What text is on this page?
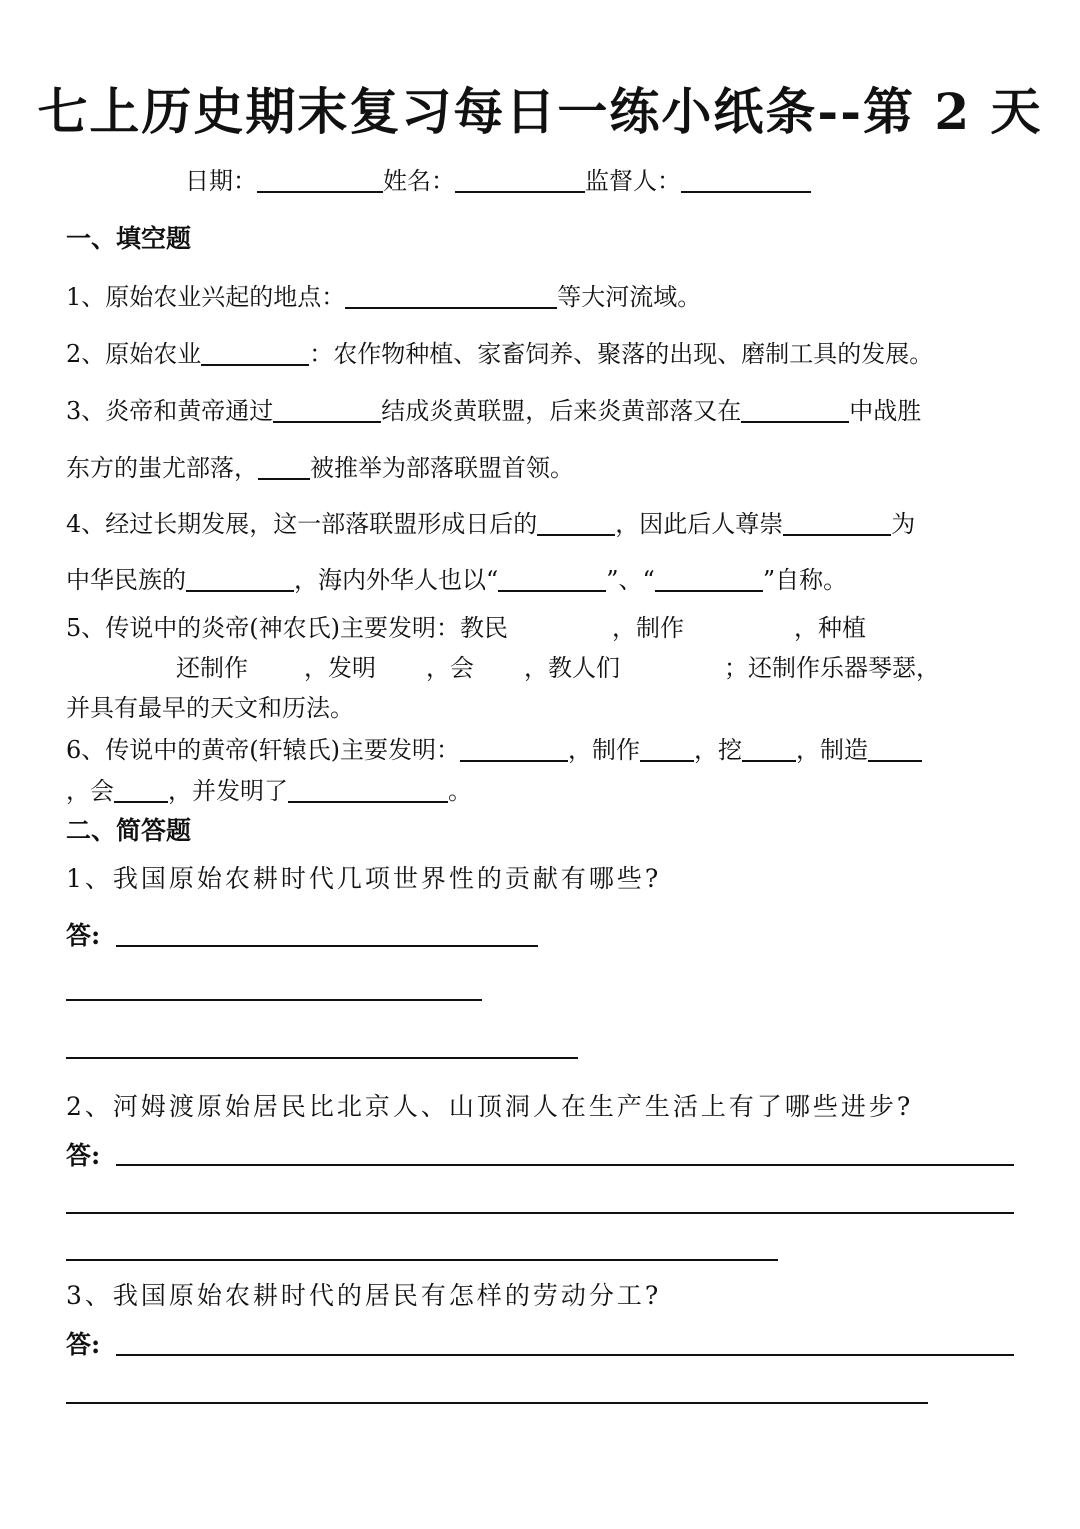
七上历史期末复习每日一练小纸条--第 2 天
日期：	姓名：	监督人：
一、填空题
1、原始农业兴起的地点：	等大河流域。
2、原始农业	：农作物种植、家畜饲养、聚落的出现、磨制工具的发展。
3、炎帝和黄帝通过	结成炎黄联盟，后来炎黄部落又在	中战胜
东方的蚩尤部落， 被推举为部落联盟首领。
4、经过长期发展，这一部落联盟形成日后的	，因此后人尊崇	为
中华民族的	，海内外华人也以“	”、“	”自称。
5、传说中的炎帝(神农氏)主要发明：教民	，制作	，种植
还制作 ，发明 ，会 ，教人们	；还制作乐器琴瑟，
并具有最早的天文和历法。
6、传说中的黄帝(轩辕氏)主要发明：	，制作 ，挖 ，制造
，会 ，并发明了	。
二、简答题
1、我国原始农耕时代几项世界性的贡献有哪些?
答:
2、河姆渡原始居民比北京人、山顶洞人在生产生活上有了哪些进步?
答:
3、我国原始农耕时代的居民有怎样的劳动分工?
答:
